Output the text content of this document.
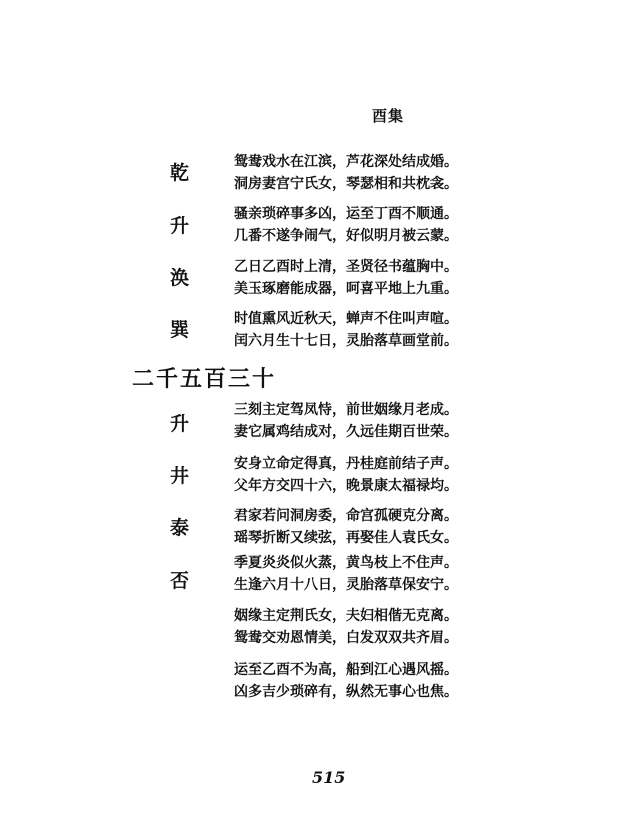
酉集
乾	鸳鸯戏水在江滨，芦花深处结成婚。
洞房妻宫宁氏女，琴瑟相和共枕衾。
升
骚亲琐碎事多凶，运至丁酉不顺通。
几番不遂争闹气，好似明月被云蒙。
涣	乙日乙酉时上清，圣贤径书蕴胸中。
美玉琢磨能成器，呵喜平地上九重。
巽	时值熏风近秋天，蝉声不住叫声喧。
闰六月生十七日，灵胎落草画堂前。
二千五百三十
升
三刻主定驾凤恃，前世姻缘月老成。
妻它属鸡结成对，久远佳期百世荣。
井
安身立命定得真，丹桂庭前结子声。
父年方交四十六，晚景康太福禄均。
泰
君家若问洞房委，命宫孤硬克分离。
瑶琴折断又续弦，再娶佳人袁氏女。
否
季夏炎炎似火蒸，黄鸟枝上不住声。
生逢六月十八日，灵胎落草保安宁。
姻缘主定荆氏女，夫妇相偕无克离。
鸳鸯交劝恩情美，白发双双共齐眉。
运至乙酉不为高，船到江心遇风摇。
凶多吉少琐碎有，纵然无事心也焦。
515
